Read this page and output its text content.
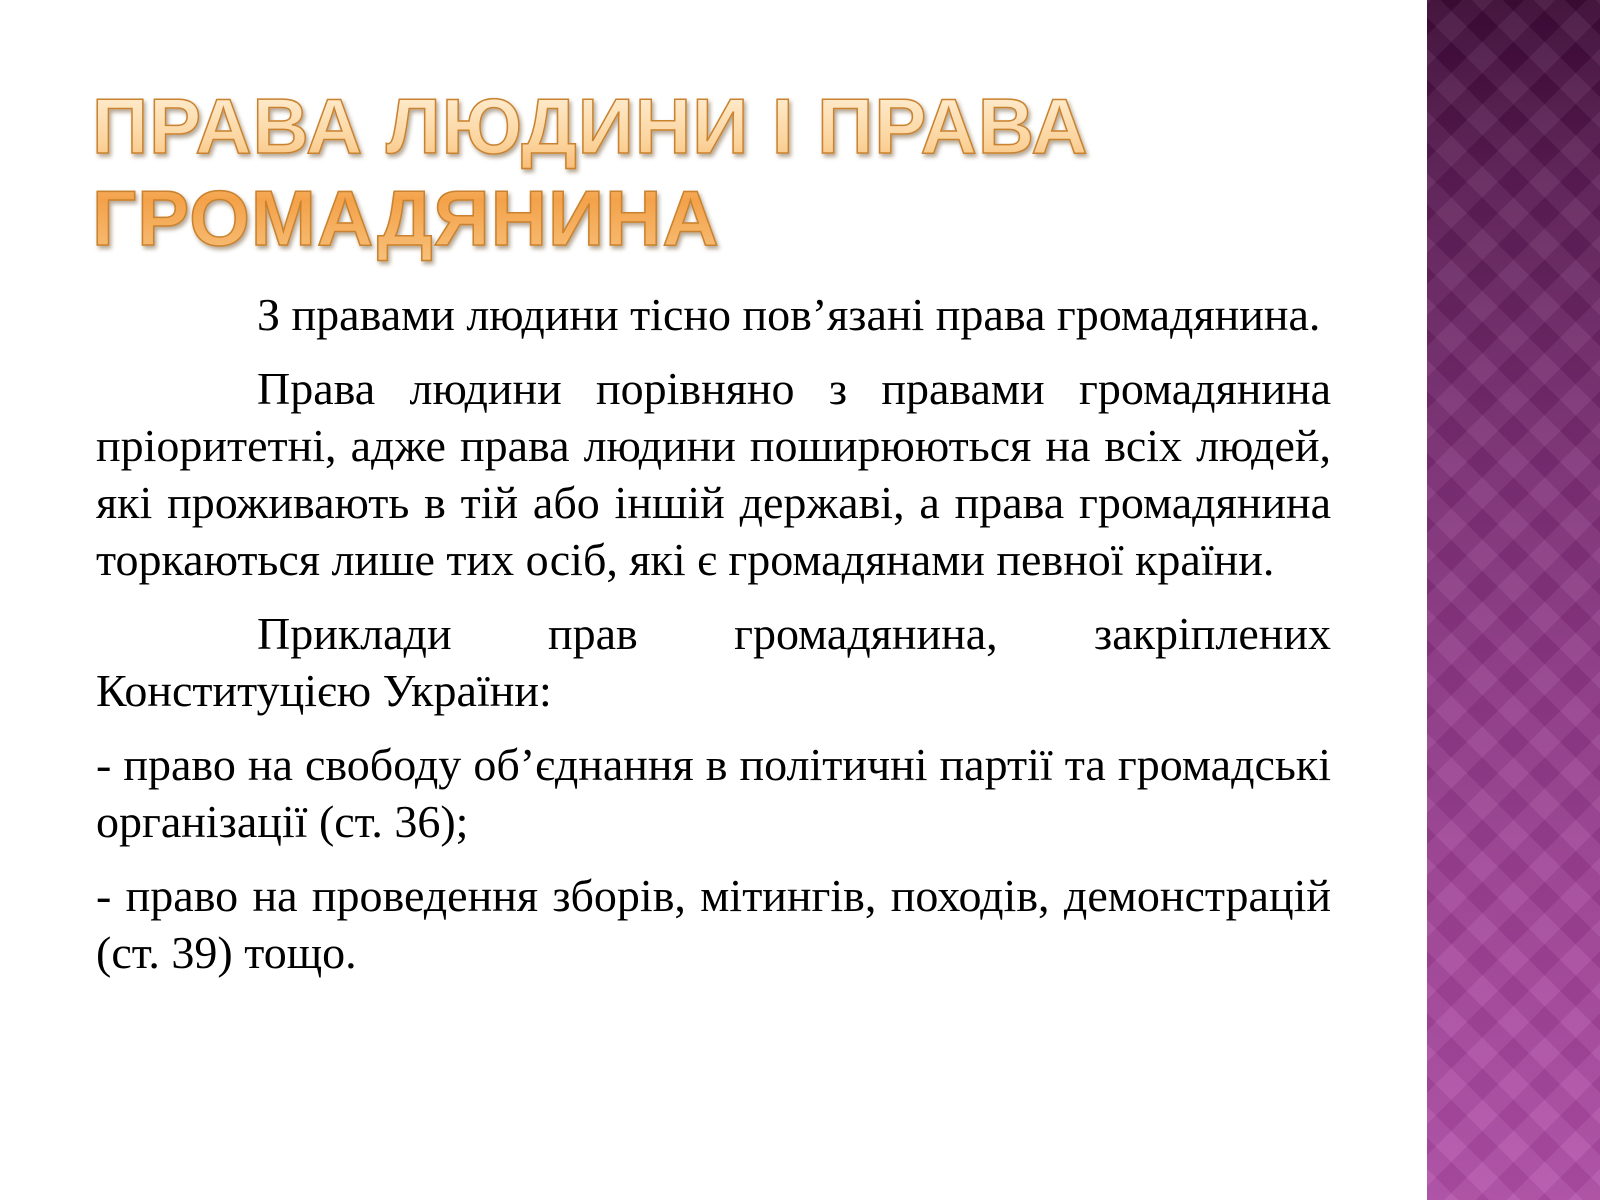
ПРАВА ЛЮДИНИ І ПРАВА
ГРОМАДЯНИНА

З правами людини тісно пов’язані права громадянина.

Права людини порівняно з правами громадянина пріоритетні, адже права людини поширюються на всіх людей, які проживають в тій або іншій державі, а права громадянина торкаються лише тих осіб, які є громадянами певної країни.

Приклади прав громадянина, закріплених Конституцією України:

- право на свободу об’єднання в політичні партії та громадські організації (ст. 36);

- право на проведення зборів, мітингів, походів, демонстрацій (ст. 39) тощо.
